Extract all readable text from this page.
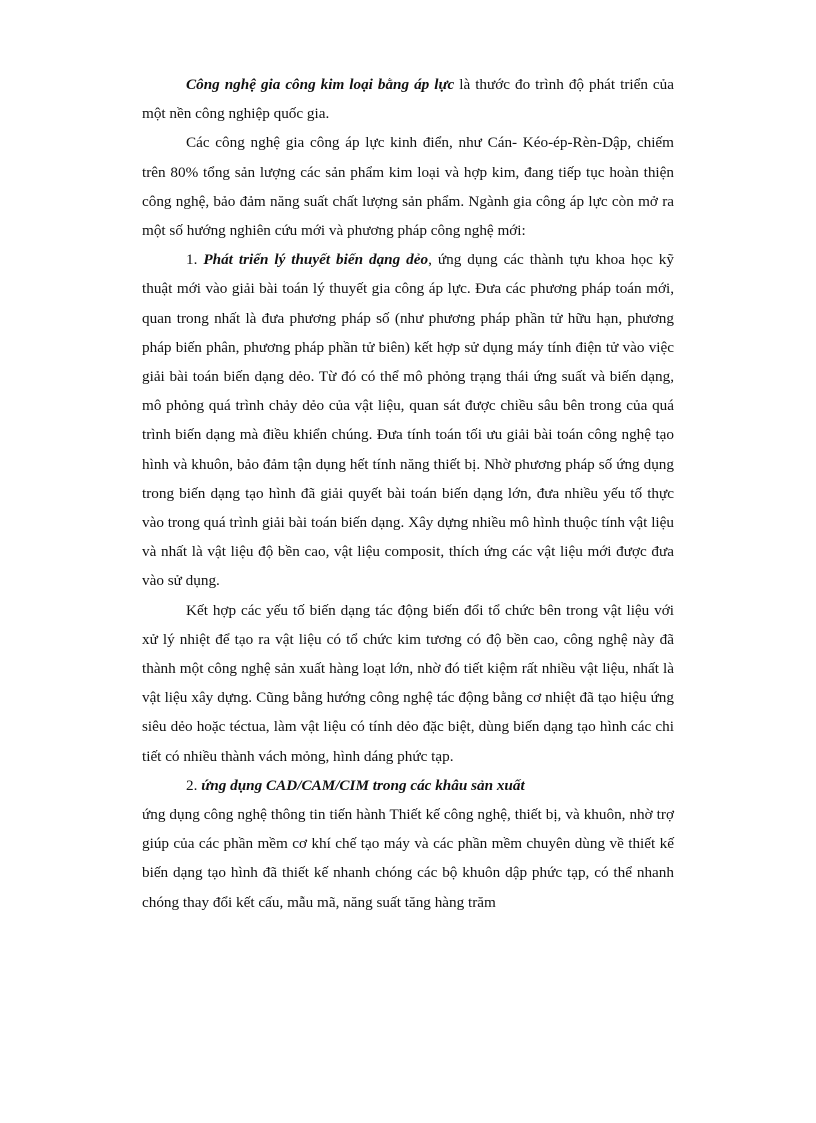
Công nghệ gia công kim loại bằng áp lực là thước đo trình độ phát triển của một nền công nghiệp quốc gia.

Các công nghệ gia công áp lực kinh điển, như Cán- Kéo-ép-Rèn-Dập, chiếm trên 80% tổng sản lượng các sản phẩm kim loại và hợp kim, đang tiếp tục hoàn thiện công nghệ, bảo đảm năng suất chất lượng sản phẩm. Ngành gia công áp lực còn mở ra một số hướng nghiên cứu mới và phương pháp công nghệ mới:

1. Phát triển lý thuyết biến dạng dẻo, ứng dụng các thành tựu khoa học kỹ thuật mới vào giải bài toán lý thuyết gia công áp lực. Đưa các phương pháp toán mới, quan trong nhất là đưa phương pháp số (như phương pháp phần tử hữu hạn, phương pháp biến phân, phương pháp phần tử biên) kết hợp sử dụng máy tính điện tử vào việc giải bài toán biến dạng dẻo. Từ đó có thể mô phỏng trạng thái ứng suất và biến dạng, mô phỏng quá trình chảy dẻo của vật liệu, quan sát được chiều sâu bên trong của quá trình biến dạng mà điều khiển chúng. Đưa tính toán tối ưu giải bài toán công nghệ tạo hình và khuôn, bảo đảm tận dụng hết tính năng thiết bị. Nhờ phương pháp số ứng dụng trong biến dạng tạo hình đã giải quyết bài toán biến dạng lớn, đưa nhiều yếu tố thực vào trong quá trình giải bài toán biến dạng. Xây dựng nhiều mô hình thuộc tính vật liệu và nhất là vật liệu độ bền cao, vật liệu composit, thích ứng các vật liệu mới được đưa vào sử dụng.

Kết hợp các yếu tố biến dạng tác động biến đổi tổ chức bên trong vật liệu với xử lý nhiệt để tạo ra vật liệu có tổ chức kim tương có độ bền cao, công nghệ này đã thành một công nghệ sản xuất hàng loạt lớn, nhờ đó tiết kiệm rất nhiều vật liệu, nhất là vật liệu xây dựng. Cũng bằng hướng công nghệ tác động bằng cơ nhiệt đã tạo hiệu ứng siêu dẻo hoặc téctua, làm vật liệu có tính dẻo đặc biệt, dùng biến dạng tạo hình các chi tiết có nhiều thành vách mỏng, hình dáng phức tạp.

2. ứng dụng CAD/CAM/CIM trong các khâu sản xuất

ứng dụng công nghệ thông tin tiến hành Thiết kế công nghệ, thiết bị, và khuôn, nhờ trợ giúp của các phần mềm cơ khí chế tạo máy và các phần mềm chuyên dùng về thiết kế biến dạng tạo hình đã thiết kế nhanh chóng các bộ khuôn dập phức tạp, có thể nhanh chóng thay đổi kết cấu, mẫu mã, năng suất tăng hàng trăm
